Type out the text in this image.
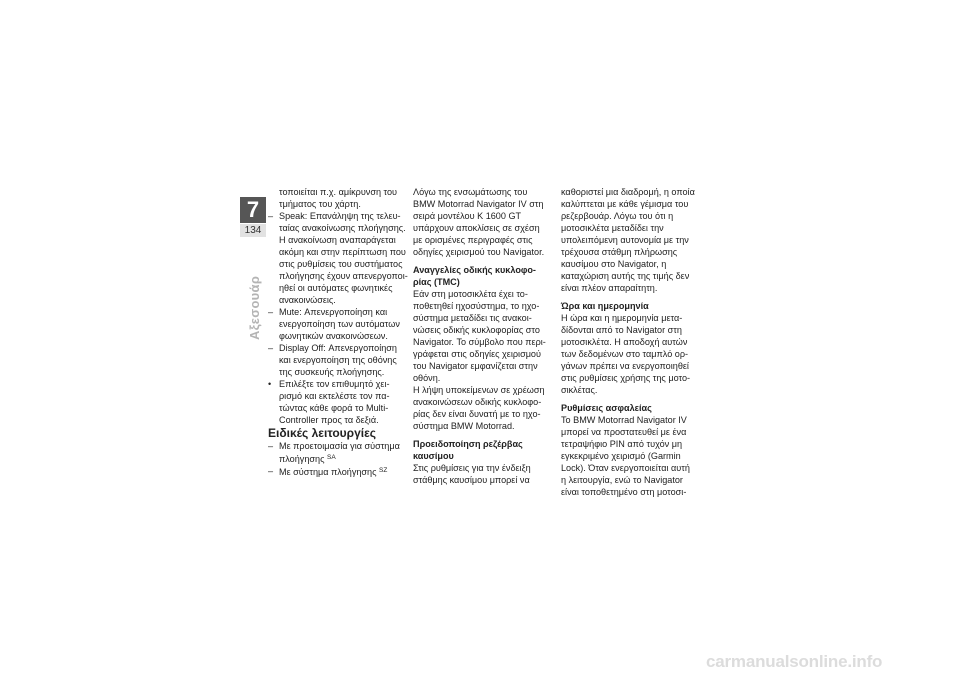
7
134
Αξεσουάρ

τοποιείται π.χ. αμίκρυνση του τμήματος του χάρτη.

– Speak: Επανάληψη της τελευ-ταίας ανακοίνωσης πλοήγησης. Η ανακοίνωση αναπαράγεται ακόμη και στην περίπτωση που στις ρυθμίσεις του συστήματος πλοήγησης έχουν απενεργοποι-ηθεί οι αυτόματες φωνητικές ανακοινώσεις.

– Mute: Απενεργοποίηση και ενεργοποίηση των αυτόματων φωνητικών ανακοινώσεων.

– Display Off: Απενεργοποίηση και ενεργοποίηση της οθόνης της συσκευής πλοήγησης.

• Επιλέξτε τον επιθυμητό χει-ρισμό και εκτελέστε τον πα-τώντας κάθε φορά το Multi-Controller προς τα δεξιά.

Ειδικές λειτουργίες

– Με προετοιμασία για σύστημα πλοήγησης $^{SA}$

– Με σύστημα πλοήγησης $^{SZ}$

Λόγω της ενσωμάτωσης του BMW Motorrad Navigator IV στη σειρά μοντέλου K 1600 GT υπάρχουν αποκλίσεις σε σχέση με ορισμένες περιγραφές στις οδηγίες χειρισμού του Navigator.

Αναγγελίες οδικής κυκλοφο-ρίας (TMC)

Εάν στη μοτοσικλέτα έχει το-ποθετηθεί ηχοσύστημα, το ηχο-σύστημα μεταδίδει τις ανακοι-νώσεις οδικής κυκλοφορίας στο Navigator. Το σύμβολο που περι-γράφεται στις οδηγίες χειρισμού του Navigator εμφανίζεται στην οθόνη.

Η λήψη υποκείμενων σε χρέωση ανακοινώσεων οδικής κυκλοφο-ρίας δεν είναι δυνατή με το ηχο-σύστημα BMW Motorrad.

Προειδοποίηση ρεζέρβας καυσίμου

Στις ρυθμίσεις για την ένδειξη στάθμης καυσίμου μπορεί να

καθοριστεί μια διαδρομή, η οποία καλύπτεται με κάθε γέμισμα του ρεζερβουάρ. Λόγω του ότι η μοτοσικλέτα μεταδίδει την υπολειπόμενη αυτονομία με την τρέχουσα στάθμη πλήρωσης καυσίμου στο Navigator, η καταχώριση αυτής της τιμής δεν είναι πλέον απαραίτητη.

Ώρα και ημερομηνία

Η ώρα και η ημερομηνία μετα-δίδονται από το Navigator στη μοτοσικλέτα. Η αποδοχή αυτών των δεδομένων στο ταμπλό ορ-γάνων πρέπει να ενεργοποιηθεί στις ρυθμίσεις χρήσης της μοτο-σικλέτας.

Ρυθμίσεις ασφαλείας

Το BMW Motorrad Navigator IV μπορεί να προστατευθεί με ένα τετραψήφιο PIN από τυχόν μη εγκεκριμένο χειρισμό (Garmin Lock). Όταν ενεργοποιείται αυτή η λειτουργία, ενώ το Navigator είναι τοποθετημένο στη μοτοσι-

carmanualsonline.info
